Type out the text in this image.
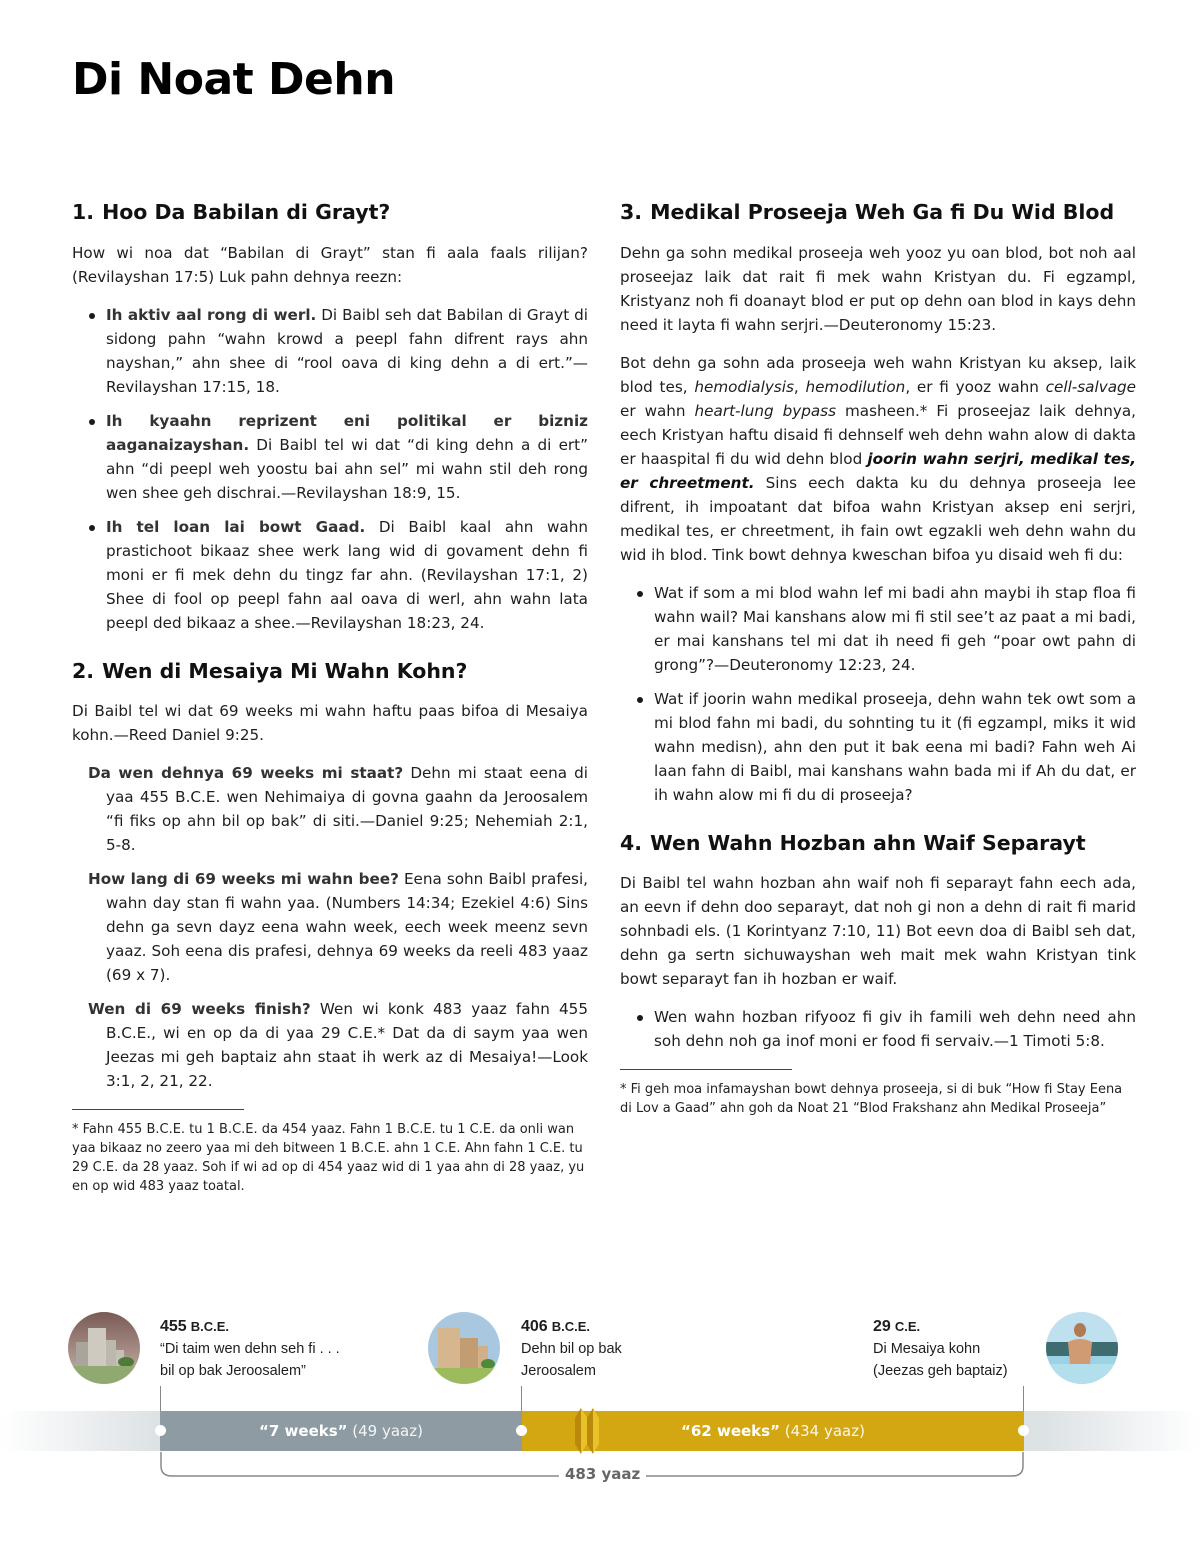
Di Noat Dehn
1. Hoo Da Babilan di Grayt?

How wi noa dat “Babilan di Grayt” stan fi aala faals rilijan? (Revilayshan 17:5) Luk pahn dehnya reezn:

Ih aktiv aal rong di werl. Di Baibl seh dat Babilan di Grayt di sidong pahn “wahn krowd a peepl fahn difrent rays ahn nayshan,” ahn shee di “rool oava di king dehn a di ert.”—Revilayshan 17:15, 18.
Ih kyaahn reprizent eni politikal er bizniz aaganaizayshan. Di Baibl tel wi dat “di king dehn a di ert” ahn “di peepl weh yoostu bai ahn sel” mi wahn stil deh rong wen shee geh dischrai.—Revilayshan 18:9, 15.
Ih tel loan lai bowt Gaad. Di Baibl kaal ahn wahn prastichoot bikaaz shee werk lang wid di govament dehn fi moni er fi mek dehn du tingz far ahn. (Revilayshan 17:1, 2) Shee di fool op peepl fahn aal oava di werl, ahn wahn lata peepl ded bikaaz a shee.—Revilayshan 18:23, 24.
2. Wen di Mesaiya Mi Wahn Kohn?

Di Baibl tel wi dat 69 weeks mi wahn haftu paas bifoa di Mesaiya kohn.—Reed Daniel 9:25.

Da wen dehnya 69 weeks mi staat? Dehn mi staat eena di yaa 455 B.C.E. wen Nehimaiya di govna gaahn da Jeroosalem “fi fiks op ahn bil op bak” di siti.—Daniel 9:25; Nehemiah 2:1, 5-8.

How lang di 69 weeks mi wahn bee? Eena sohn Baibl prafesi, wahn day stan fi wahn yaa. (Numbers 14:34; Ezekiel 4:6) Sins dehn ga sevn dayz eena wahn week, eech week meenz sevn yaaz. Soh eena dis prafesi, dehnya 69 weeks da reeli 483 yaaz (69 x 7).

Wen di 69 weeks finish? Wen wi konk 483 yaaz fahn 455 B.C.E., wi en op da di yaa 29 C.E.* Dat da di saym yaa wen Jeezas mi geh baptaiz ahn staat ih werk az di Mesaiya!—Look 3:1, 2, 21, 22.

* Fahn 455 B.C.E. tu 1 B.C.E. da 454 yaaz. Fahn 1 B.C.E. tu 1 C.E. da onli wan yaa bikaaz no zeero yaa mi deh bitween 1 B.C.E. ahn 1 C.E. Ahn fahn 1 C.E. tu 29 C.E. da 28 yaaz. Soh if wi ad op di 454 yaaz wid di 1 yaa ahn di 28 yaaz, yu en op wid 483 yaaz toatal.

3. Medikal Proseeja Weh Ga fi Du Wid Blod

Dehn ga sohn medikal proseeja weh yooz yu oan blod, bot noh aal proseejaz laik dat rait fi mek wahn Kristyan du. Fi egzampl, Kristyanz noh fi doanayt blod er put op dehn oan blod in kays dehn need it layta fi wahn serjri.—Deuteronomy 15:23.

Bot dehn ga sohn ada proseeja weh wahn Kristyan ku aksep, laik blod tes, hemodialysis, hemodilution, er fi yooz wahn cell-salvage er wahn heart-lung bypass masheen.* Fi proseejaz laik dehnya, eech Kristyan haftu disaid fi dehnself weh dehn wahn alow di dakta er haaspital fi du wid dehn blod joorin wahn serjri, medikal tes, er chreetment. Sins eech dakta ku du dehnya proseeja lee difrent, ih impoatant dat bifoa wahn Kristyan aksep eni serjri, medikal tes, er chreetment, ih fain owt egzakli weh dehn wahn du wid ih blod. Tink bowt dehnya kweschan bifoa yu disaid weh fi du:

Wat if som a mi blod wahn lef mi badi ahn maybi ih stap floa fi wahn wail? Mai kanshans alow mi fi stil see’t az paat a mi badi, er mai kanshans tel mi dat ih need fi geh “poar owt pahn di grong”?—Deuteronomy 12:23, 24.
Wat if joorin wahn medikal proseeja, dehn wahn tek owt som a mi blod fahn mi badi, du sohnting tu it (fi egzampl, miks it wid wahn medisn), ahn den put it bak eena mi badi? Fahn weh Ai laan fahn di Baibl, mai kanshans wahn bada mi if Ah du dat, er ih wahn alow mi fi du di proseeja?
4. Wen Wahn Hozban ahn Waif Separayt

Di Baibl tel wahn hozban ahn waif noh fi separayt fahn eech ada, an eevn if dehn doo separayt, dat noh gi non a dehn di rait fi marid sohnbadi els. (1 Korintyanz 7:10, 11) Bot eevn doa di Baibl seh dat, dehn ga sertn sichuwayshan weh mait mek wahn Kristyan tink bowt separayt fan ih hozban er waif.

Wen wahn hozban rifyooz fi giv ih famili weh dehn need ahn soh dehn noh ga inof moni er food fi servaiv.—1 Timoti 5:8.

* Fi geh moa infamayshan bowt dehnya proseeja, si di buk “How fi Stay Eena di Lov a Gaad” ahn goh da Noat 21 “Blod Frakshanz ahn Medikal Proseeja”

“7 weeks” (49 yaaz)	“62 weeks” (434 yaaz)
455 B.C.E.
“Di taim wen dehn seh fi . . .
bil op bak Jeroosalem”
406 B.C.E.
Dehn bil op bak
Jeroosalem
29 C.E.
Di Mesaiya kohn
(Jeezas geh baptaiz)
483 yaaz
